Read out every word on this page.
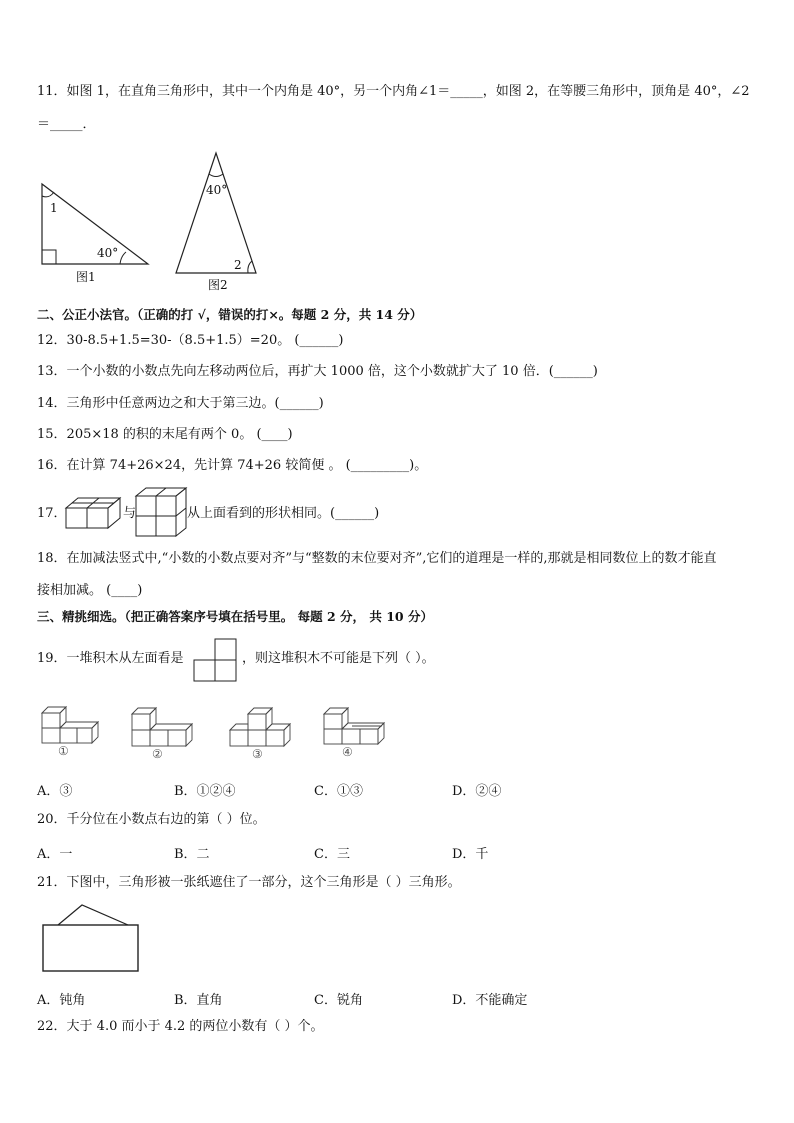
11．如图 1，在直角三角形中，其中一个内角是 40°，另一个内角∠1＝_____，如图 2，在等腰三角形中，顶角是 40°，∠2
＝_____．
1
40°
图1
40°
2
图2
二、公正小法官。（正确的打 √，错误的打×。每题 2 分，共 14 分）
12．30-8.5+1.5=30-（8.5+1.5）=20。 (______)
13．一个小数的小数点先向左移动两位后，再扩大 1000 倍，这个小数就扩大了 10 倍．(______)
14．三角形中任意两边之和大于第三边。(______)
15．205×18 的积的末尾有两个 0。 (____)
16．在计算 74+26×24，先计算 74+26 较简便 。 (_________)。
17．	与	从上面看到的形状相同。(______)
18．在加减法竖式中,“小数的小数点要对齐”与“整数的末位要对齐”,它们的道理是一样的,那就是相同数位上的数才能直
接相加减。 (____)
三、精挑细选。（把正确答案序号填在括号里。 每题 2 分， 共 10 分）
19．一堆积木从左面看是	，则这堆积木不可能是下列（ ）。
①	②	③	④
A．③	B．①②④	C．①③	D．②④
20．千分位在小数点右边的第（ ）位。
A．一	B．二	C．三	D．千
21．下图中，三角形被一张纸遮住了一部分，这个三角形是（ ）三角形。
A．钝角	B．直角	C．锐角	D．不能确定
22．大于 4.0 而小于 4.2 的两位小数有（ ）个。
